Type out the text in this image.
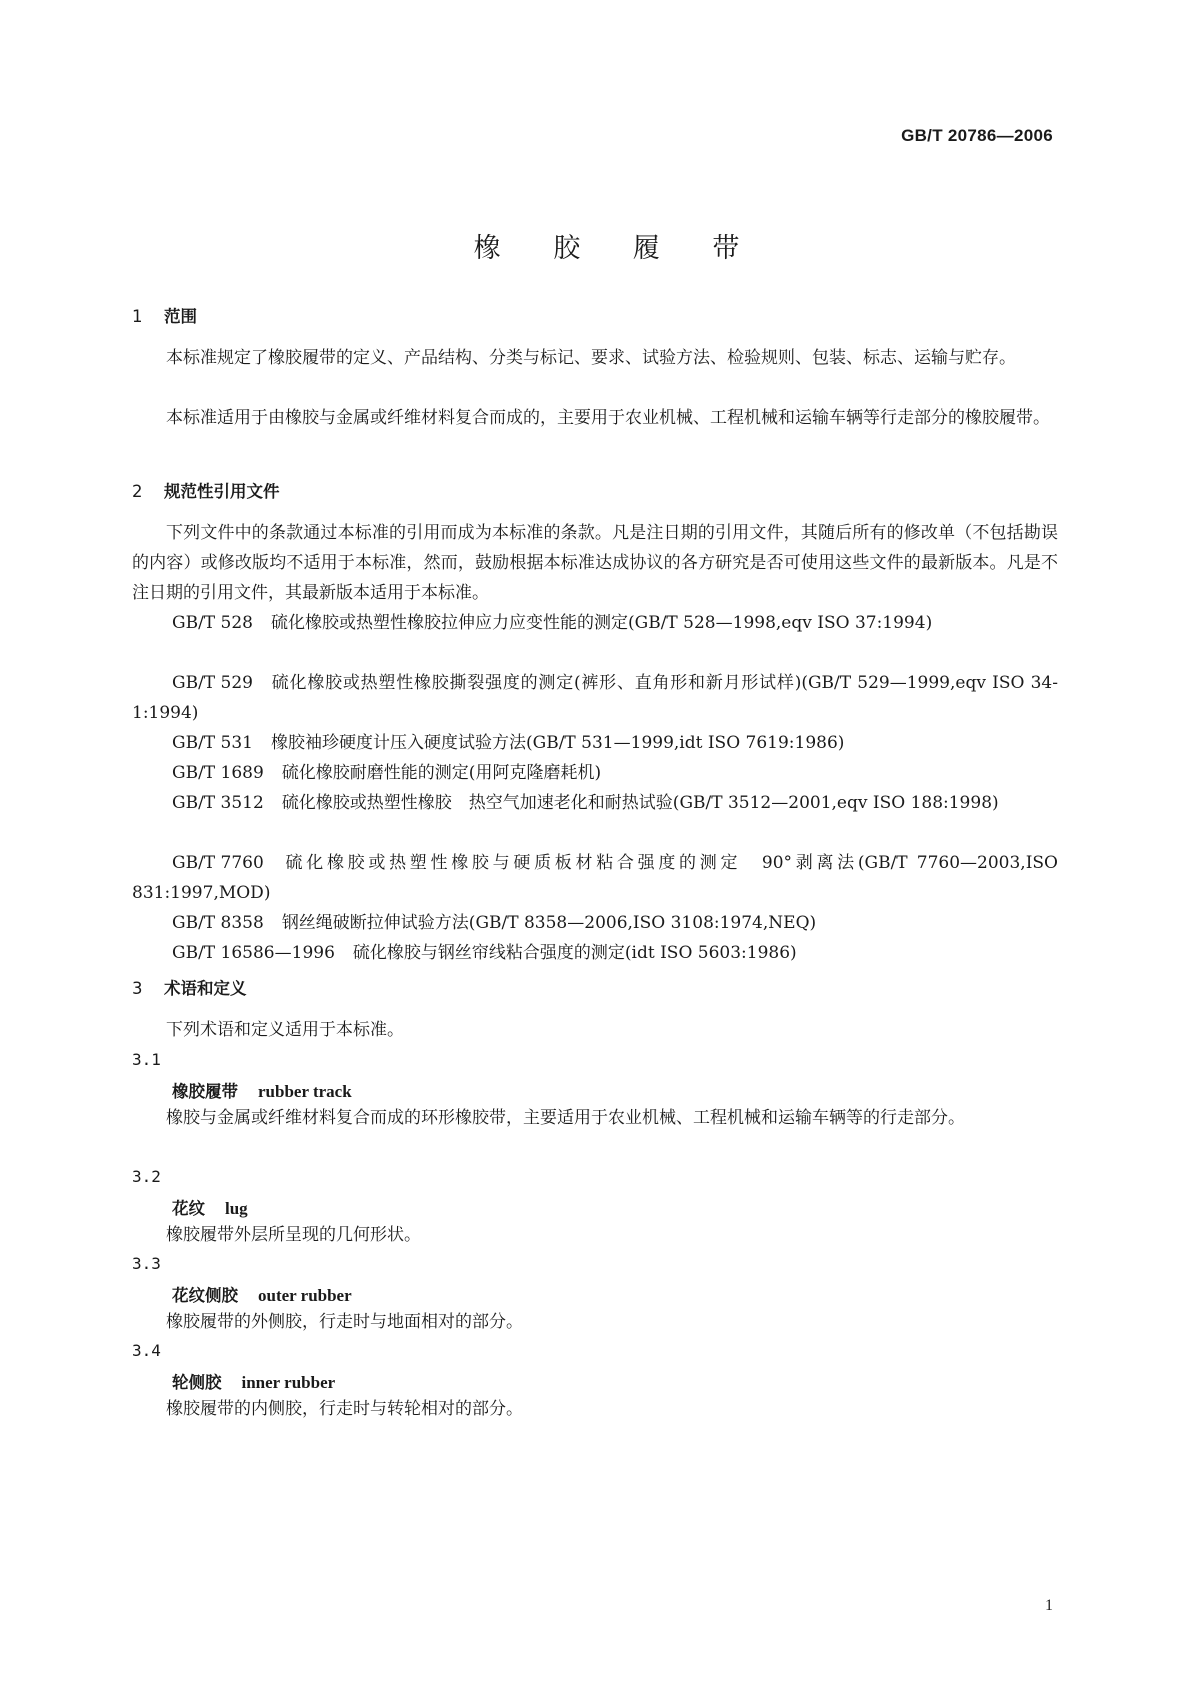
GB/T 20786—2006
橡 胶 履 带
1 范围
本标准规定了橡胶履带的定义、产品结构、分类与标记、要求、试验方法、检验规则、包装、标志、运输与贮存。
本标准适用于由橡胶与金属或纤维材料复合而成的，主要用于农业机械、工程机械和运输车辆等行走部分的橡胶履带。
2 规范性引用文件
下列文件中的条款通过本标准的引用而成为本标准的条款。凡是注日期的引用文件，其随后所有的修改单（不包括勘误的内容）或修改版均不适用于本标准，然而，鼓励根据本标准达成协议的各方研究是否可使用这些文件的最新版本。凡是不注日期的引用文件，其最新版本适用于本标准。
GB/T 528 硫化橡胶或热塑性橡胶拉伸应力应变性能的测定(GB/T 528—1998,eqv ISO 37:1994)
GB/T 529 硫化橡胶或热塑性橡胶撕裂强度的测定(裤形、直角形和新月形试样)(GB/T 529—1999,eqv ISO 34-1:1994)
GB/T 531 橡胶袖珍硬度计压入硬度试验方法(GB/T 531—1999,idt ISO 7619:1986)
GB/T 1689 硫化橡胶耐磨性能的测定(用阿克隆磨耗机)
GB/T 3512 硫化橡胶或热塑性橡胶　热空气加速老化和耐热试验(GB/T 3512—2001,eqv ISO 188:1998)
GB/T 7760 硫化橡胶或热塑性橡胶与硬质板材粘合强度的测定　90°剥离法(GB/T 7760—2003,ISO 831:1997,MOD)
GB/T 8358 钢丝绳破断拉伸试验方法(GB/T 8358—2006,ISO 3108:1974,NEQ)
GB/T 16586—1996 硫化橡胶与钢丝帘线粘合强度的测定(idt ISO 5603:1986)
3 术语和定义
下列术语和定义适用于本标准。
3.1
橡胶履带 rubber track
橡胶与金属或纤维材料复合而成的环形橡胶带，主要适用于农业机械、工程机械和运输车辆等的行走部分。
3.2
花纹 lug
橡胶履带外层所呈现的几何形状。
3.3
花纹侧胶 outer rubber
橡胶履带的外侧胶，行走时与地面相对的部分。
3.4
轮侧胶 inner rubber
橡胶履带的内侧胶，行走时与转轮相对的部分。
1
